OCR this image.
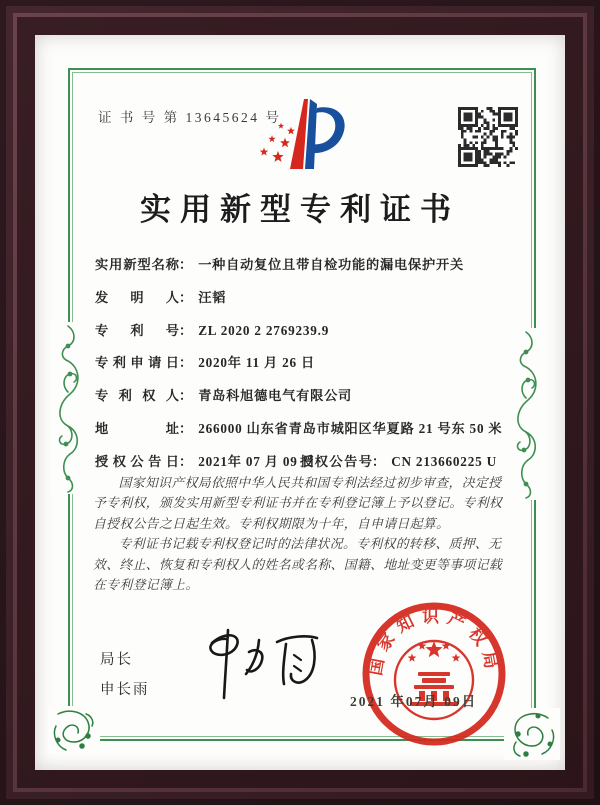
证 书 号 第 13645624 号
实用新型专利证书
实用新型名称： 一种自动复位且带自检功能的漏电保护开关
发明人： 汪韬
专利号： ZL 2020 2 2769239.9
专利申请日： 2020年 11 月 26 日
专利权人： 青岛科旭德电气有限公司
地址： 266000 山东省青岛市城阳区华夏路 21 号东 50 米
授权公告日： 2021年 07 月 09 日
授权公告号： CN 213660225 U

国家知识产权局依照中华人民共和国专利法经过初步审查，决定授予专利权，颁发实用新型专利证书并在专利登记簿上予以登记。专利权自授权公告之日起生效。专利权期限为十年，自申请日起算。

专利证书记载专利权登记时的法律状况。专利权的转移、质押、无效、终止、恢复和专利权人的姓名或名称、国籍、地址变更等事项记载在专利登记簿上。

局长
申长雨
国家知识产权局
2021 年07月 09日
